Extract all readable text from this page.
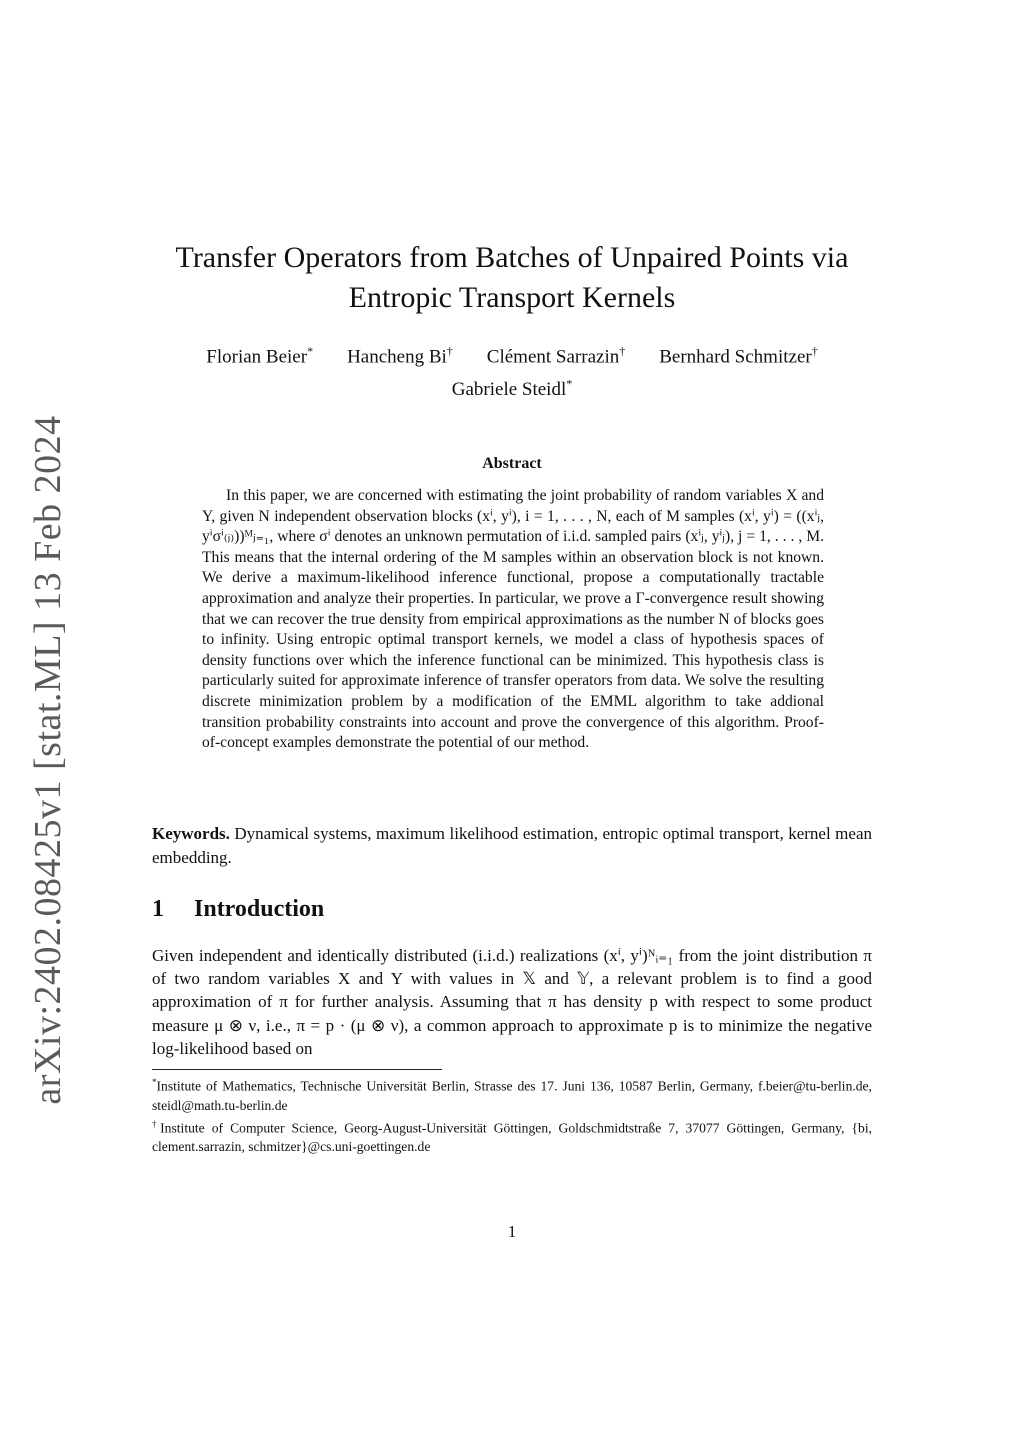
arXiv:2402.08425v1 [stat.ML] 13 Feb 2024
Transfer Operators from Batches of Unpaired Points via Entropic Transport Kernels
Florian Beier* Hancheng Bi† Clément Sarrazin† Bernhard Schmitzer†
Gabriele Steidl*
Abstract

In this paper, we are concerned with estimating the joint probability of random variables X and Y, given N independent observation blocks (xⁱ, yⁱ), i = 1, . . . , N, each of M samples (xⁱ, yⁱ) = ((xⁱⱼ, yⁱσⁱ₍ⱼ₎))ᴹⱼ₌₁, where σⁱ denotes an unknown permutation of i.i.d. sampled pairs (xⁱⱼ, yⁱⱼ), j = 1, . . . , M. This means that the internal ordering of the M samples within an observation block is not known. We derive a maximum-likelihood inference functional, propose a computationally tractable approximation and analyze their properties. In particular, we prove a Γ-convergence result showing that we can recover the true density from empirical approximations as the number N of blocks goes to infinity. Using entropic optimal transport kernels, we model a class of hypothesis spaces of density functions over which the inference functional can be minimized. This hypothesis class is particularly suited for approximate inference of transfer operators from data. We solve the resulting discrete minimization problem by a modification of the EMML algorithm to take addional transition probability constraints into account and prove the convergence of this algorithm. Proof-of-concept examples demonstrate the potential of our method.

Keywords. Dynamical systems, maximum likelihood estimation, entropic optimal transport, kernel mean embedding.

1 Introduction

Given independent and identically distributed (i.i.d.) realizations (xⁱ, yⁱ)ᴺᵢ₌₁ from the joint distribution π of two random variables X and Y with values in 𝕏 and 𝕐, a relevant problem is to find a good approximation of π for further analysis. Assuming that π has density p with respect to some product measure μ ⊗ ν, i.e., π = p · (μ ⊗ ν), a common approach to approximate p is to minimize the negative log-likelihood based on

*Institute of Mathematics, Technische Universität Berlin, Strasse des 17. Juni 136, 10587 Berlin, Germany, f.beier@tu-berlin.de, steidl@math.tu-berlin.de

†Institute of Computer Science, Georg-August-Universität Göttingen, Goldschmidtstraße 7, 37077 Göttingen, Germany, {bi, clement.sarrazin, schmitzer}@cs.uni-goettingen.de

1
